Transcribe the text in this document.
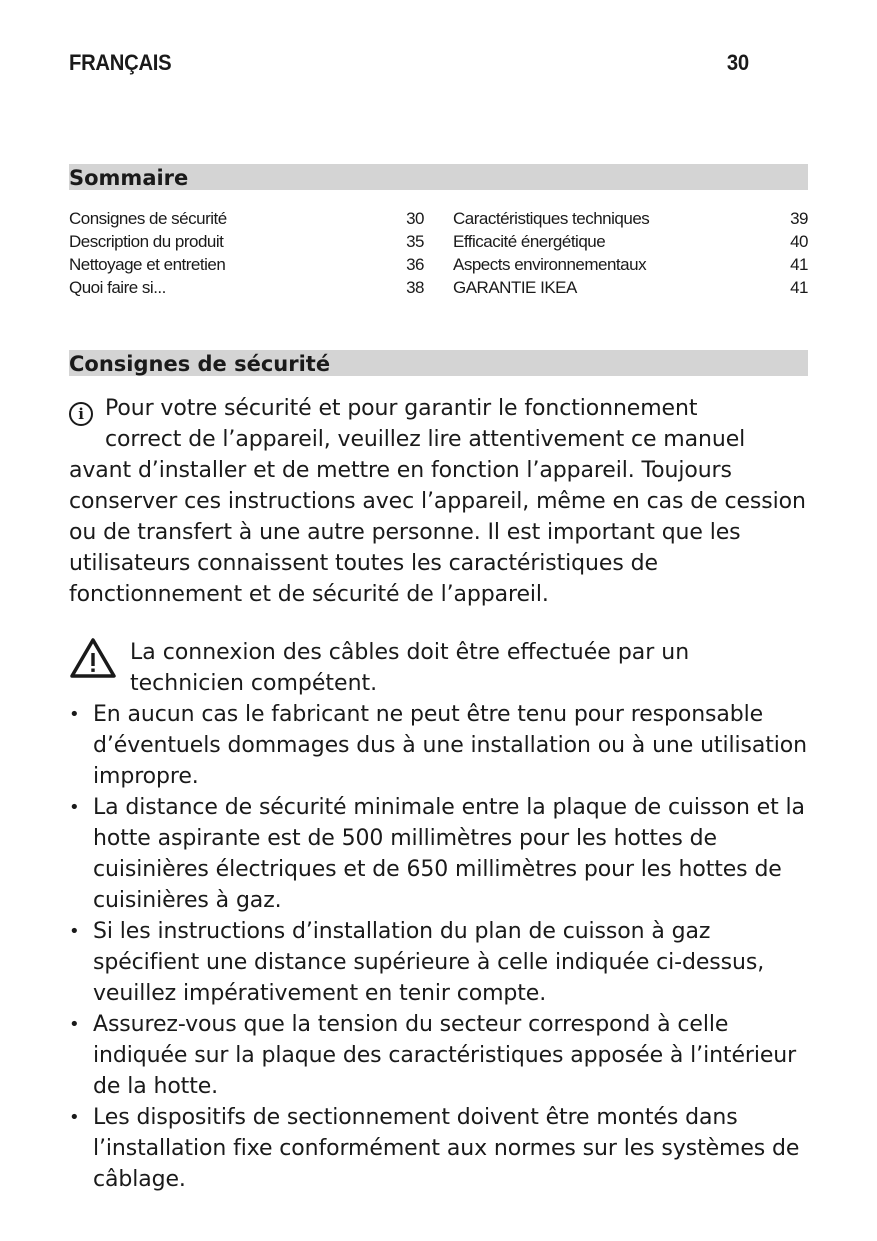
FRANÇAIS	30
Sommaire
Consignes de sécurité	30
Description du produit	35
Nettoyage et entretien	36
Quoi faire si...	38
Caractéristiques techniques	39
Efficacité énergétique	40
Aspects environnementaux	41
GARANTIE IKEA	41
Consignes de sécurité
i Pour votre sécurité et pour garantir le fonctionnement
correct de l’appareil, veuillez lire attentivement ce manuel
avant d’installer et de mettre en fonction l’appareil. Toujours conserver ces instructions avec l’appareil, même en cas de cession ou de transfert à une autre personne. Il est important que les utilisateurs connaissent toutes les caractéristiques de fonctionnement et de sécurité de l’appareil.
La connexion des câbles doit être effectuée par un
technicien compétent.
• En aucun cas le fabricant ne peut être tenu pour responsable d’éventuels dommages dus à une installation ou à une utilisation impropre.
• La distance de sécurité minimale entre la plaque de cuisson et la hotte aspirante est de 500 millimètres pour les hottes de cuisinières électriques et de 650 millimètres pour les hottes de cuisinières à gaz.
• Si les instructions d’installation du plan de cuisson à gaz spécifient une distance supérieure à celle indiquée ci-dessus, veuillez impérativement en tenir compte.
• Assurez-vous que la tension du secteur correspond à celle indiquée sur la plaque des caractéristiques apposée à l’intérieur de la hotte.
• Les dispositifs de sectionnement doivent être montés dans l’installation fixe conformément aux normes sur les systèmes de câblage.
